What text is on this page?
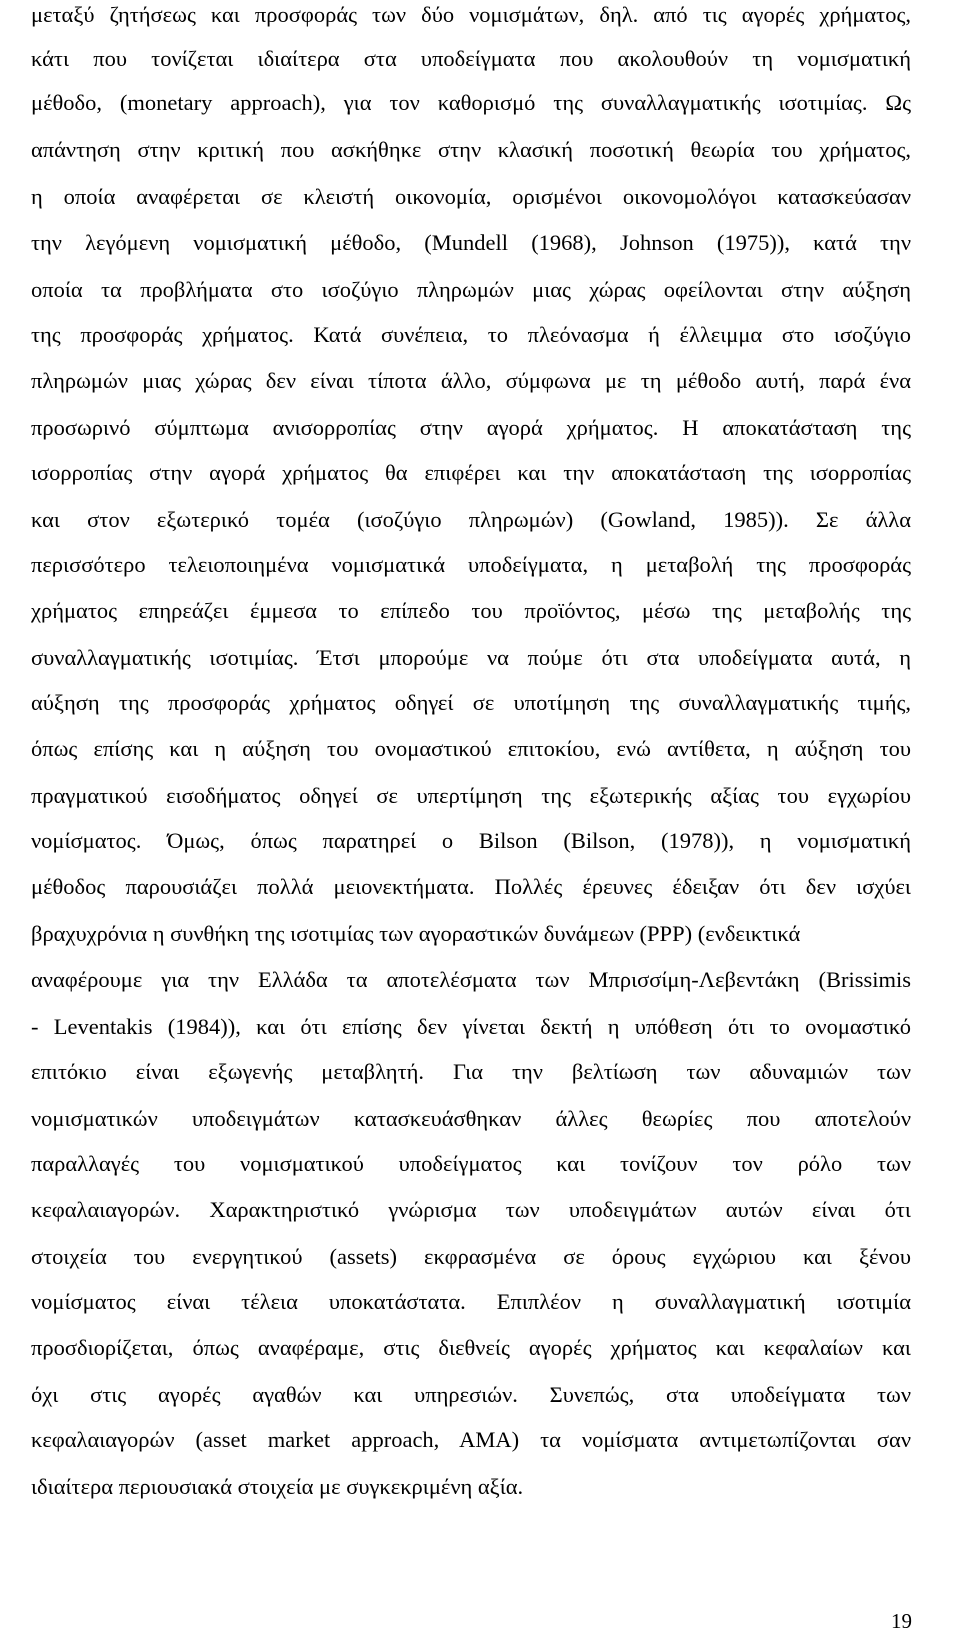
μεταξύ ζητήσεως και προσφοράς των δύο νομισμάτων, δηλ. από τις αγορές χρήματος,
κάτι που τονίζεται ιδιαίτερα στα υποδείγματα που ακολουθούν τη νομισματική
μέθοδο, (monetary approach), για τον καθορισμό της συναλλαγματικής ισοτιμίας. Ως
απάντηση στην κριτική που ασκήθηκε στην κλασική ποσοτική θεωρία του χρήματος,
η οποία αναφέρεται σε κλειστή οικονομία, ορισμένοι οικονομολόγοι κατασκεύασαν
την λεγόμενη νομισματική μέθοδο, (Mundell (1968), Johnson (1975)), κατά την
οποία τα προβλήματα στο ισοζύγιο πληρωμών μιας χώρας οφείλονται στην αύξηση
της προσφοράς χρήματος. Κατά συνέπεια, το πλεόνασμα ή έλλειμμα στο ισοζύγιο
πληρωμών μιας χώρας δεν είναι τίποτα άλλο, σύμφωνα με τη μέθοδο αυτή, παρά ένα
προσωρινό σύμπτωμα ανισορροπίας στην αγορά χρήματος. Η αποκατάσταση της
ισορροπίας στην αγορά χρήματος θα επιφέρει και την αποκατάσταση της ισορροπίας
και στον εξωτερικό τομέα (ισοζύγιο πληρωμών) (Gowland, 1985)). Σε άλλα
περισσότερο τελειοποιημένα νομισματικά υποδείγματα, η μεταβολή της προσφοράς
χρήματος επηρεάζει έμμεσα το επίπεδο του προϊόντος, μέσω της μεταβολής της
συναλλαγματικής ισοτιμίας. Έτσι μπορούμε να πούμε ότι στα υποδείγματα αυτά, η
αύξηση της προσφοράς χρήματος οδηγεί σε υποτίμηση της συναλλαγματικής τιμής,
όπως επίσης και η αύξηση του ονομαστικού επιτοκίου, ενώ αντίθετα, η αύξηση του
πραγματικού εισοδήματος οδηγεί σε υπερτίμηση της εξωτερικής αξίας του εγχωρίου
νομίσματος. Όμως, όπως παρατηρεί ο Bilson (Bilson, (1978)), η νομισματική
μέθοδος παρουσιάζει πολλά μειονεκτήματα. Πολλές έρευνες έδειξαν ότι δεν ισχύει
βραχυχρόνια η συνθήκη της ισοτιμίας των αγοραστικών δυνάμεων (PPP) (ενδεικτικά
αναφέρουμε για την Ελλάδα τα αποτελέσματα των Μπρισσίμη-Λεβεντάκη (Brissimis
- Leventakis (1984)), και ότι επίσης δεν γίνεται δεκτή η υπόθεση ότι το ονομαστικό
επιτόκιο είναι εξωγενής μεταβλητή. Για την βελτίωση των αδυναμιών των
νομισματικών υποδειγμάτων κατασκευάσθηκαν άλλες θεωρίες που αποτελούν
παραλλαγές του νομισματικού υποδείγματος και τονίζουν τον ρόλο των
κεφαλαιαγορών. Χαρακτηριστικό γνώρισμα των υποδειγμάτων αυτών είναι ότι
στοιχεία του ενεργητικού (assets) εκφρασμένα σε όρους εγχώριου και ξένου
νομίσματος είναι τέλεια υποκατάστατα. Επιπλέον η συναλλαγματική ισοτιμία
προσδιορίζεται, όπως αναφέραμε, στις διεθνείς αγορές χρήματος και κεφαλαίων και
όχι στις αγορές αγαθών και υπηρεσιών. Συνεπώς, στα υποδείγματα των
κεφαλαιαγορών (asset market approach, AMA) τα νομίσματα αντιμετωπίζονται σαν
ιδιαίτερα περιουσιακά στοιχεία με συγκεκριμένη αξία.
19
